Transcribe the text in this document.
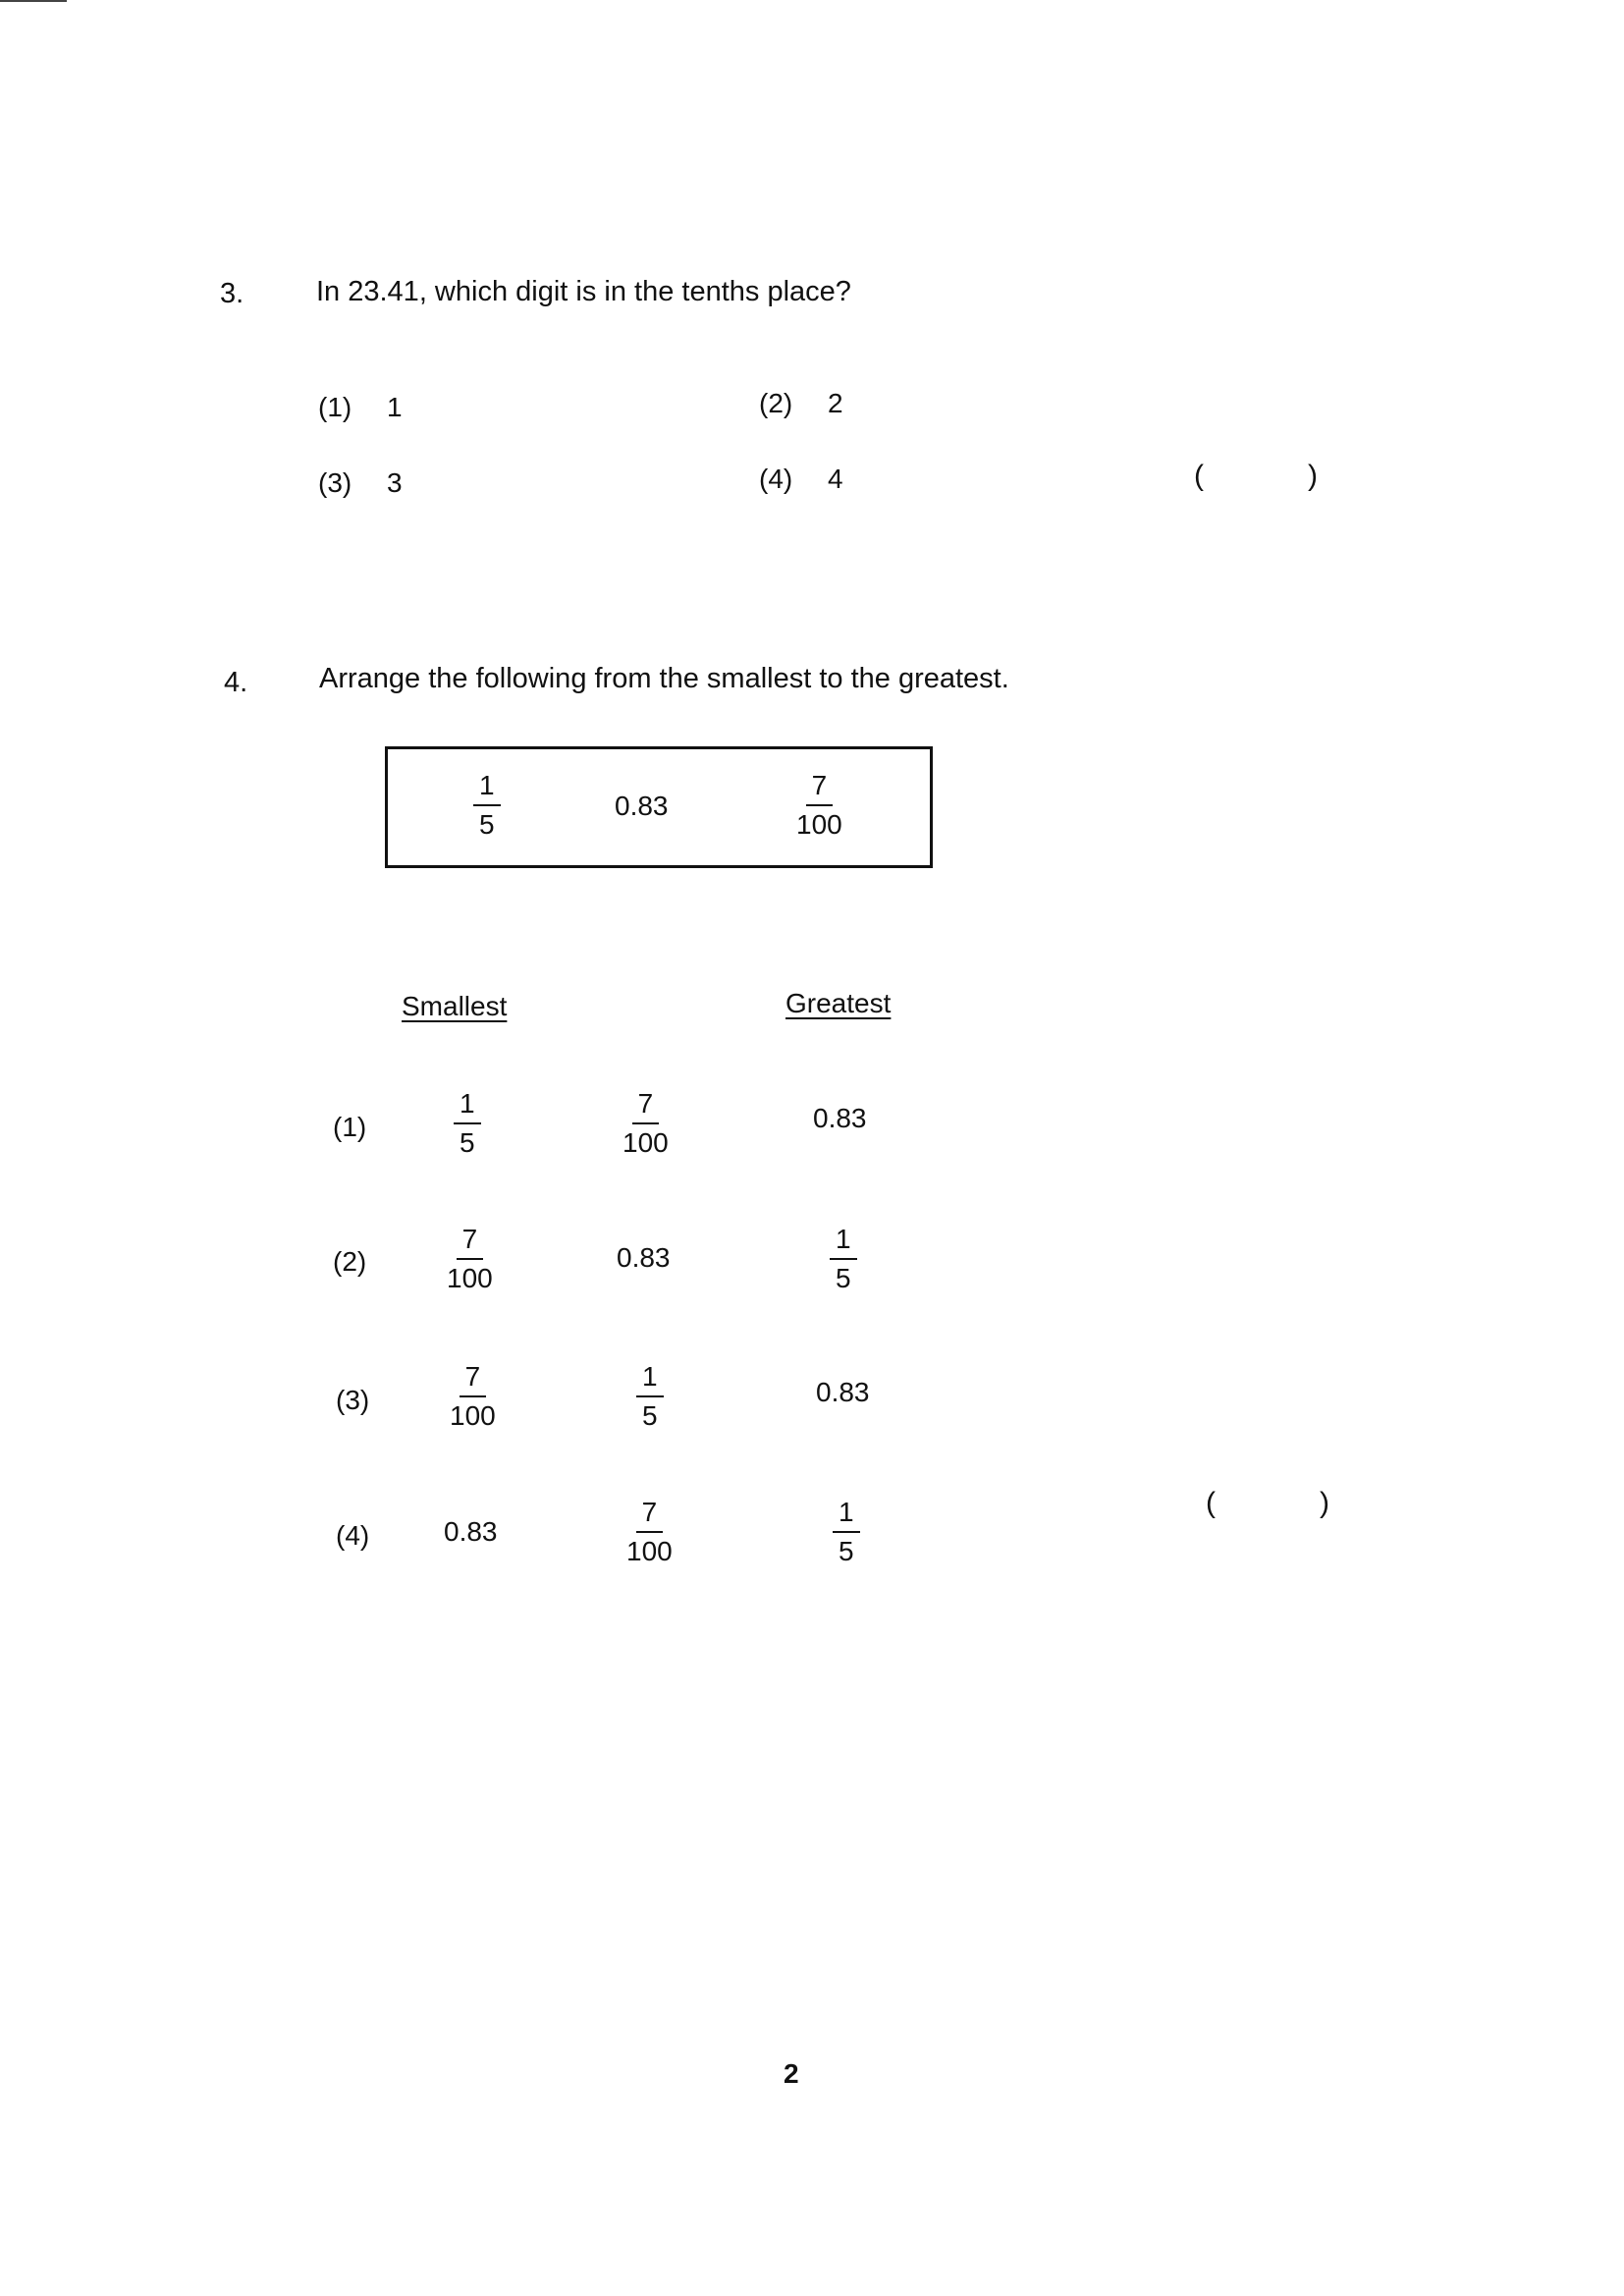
3.	In 23.41, which digit is in the tenths place?
(1) 1	(2) 2
(3) 3	(4) 4	(	)
4.	Arrange the following from the smallest to the greatest.
$\frac{1}{5}$	0.83	$\frac{7}{100}$
Smallest	Greatest
(1)	$\frac{1}{5}$	$\frac{7}{100}$	0.83
(2)	$\frac{7}{100}$	0.83	$\frac{1}{5}$
(3)	$\frac{7}{100}$	$\frac{1}{5}$	0.83
(4)	0.83	$\frac{7}{100}$	$\frac{1}{5}$	(	)
2
